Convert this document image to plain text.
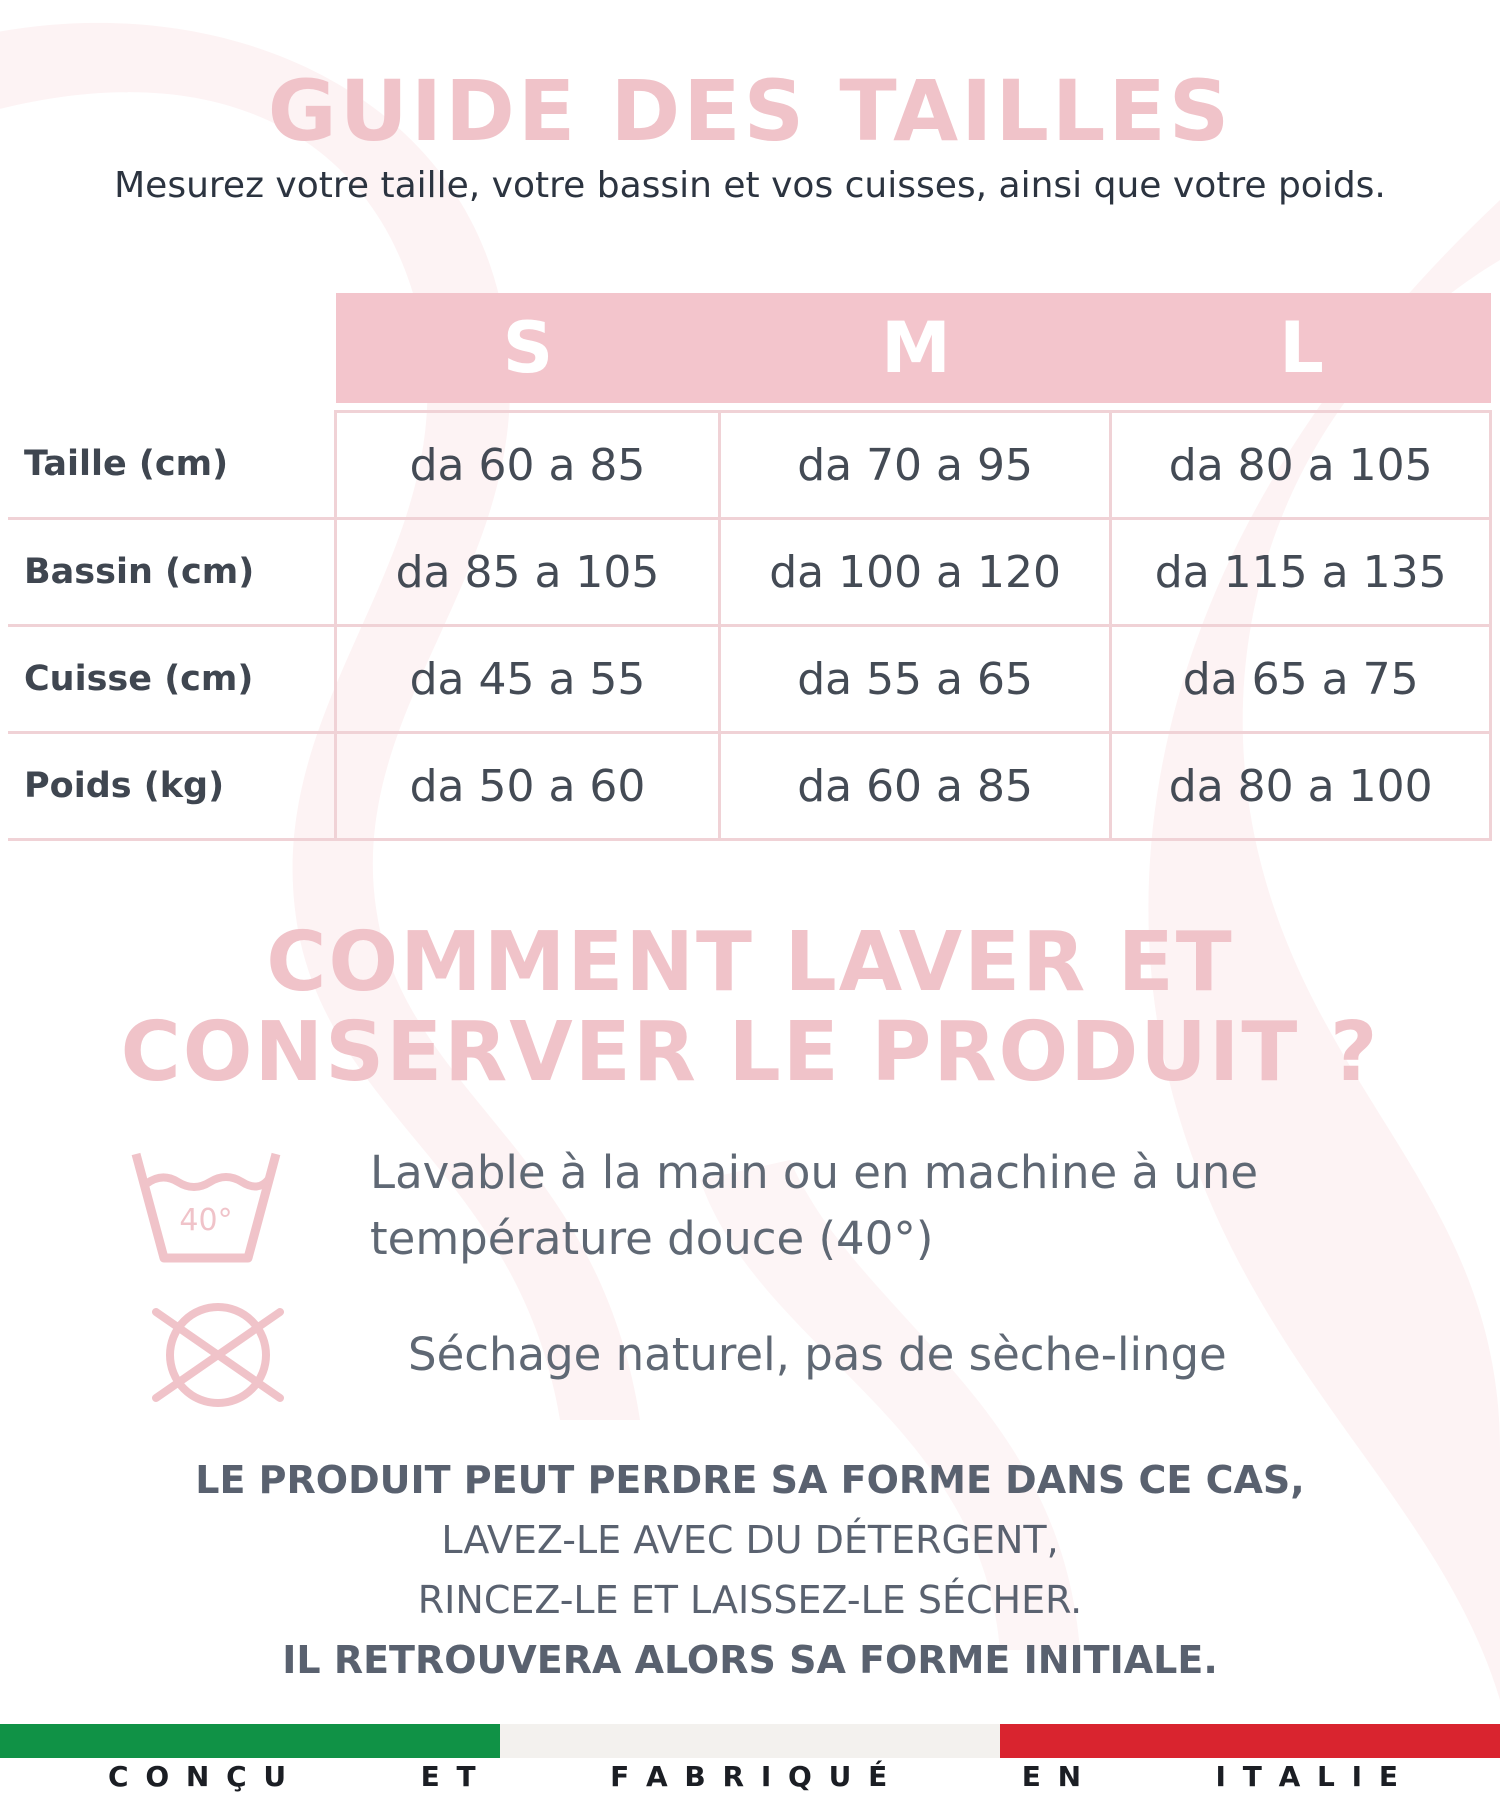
GUIDE DES TAILLES
Mesurez votre taille, votre bassin et vos cuisses, ainsi que votre poids.
S	M	L
Taille (cm)	da 60 a 85	da 70 a 95	da 80 a 105
Bassin (cm)	da 85 a 105	da 100 a 120	da 115 a 135
Cuisse (cm)	da 45 a 55	da 55 a 65	da 65 a 75
Poids (kg)	da 50 a 60	da 60 a 85	da 80 a 100
COMMENT LAVER ET
CONSERVER LE PRODUIT ?
40°
Lavable à la main ou en machine à une
température douce (40°)
Séchage naturel, pas de sèche-linge
LE PRODUIT PEUT PERDRE SA FORME DANS CE CAS,
LAVEZ-LE AVEC DU DÉTERGENT,
RINCEZ-LE ET LAISSEZ-LE SÉCHER.
IL RETROUVERA ALORS SA FORME INITIALE.
C   O   N   Ç   U	E   T	F   A   B   R   I   Q   U   É	E   N	I   T   A   L   I   E
